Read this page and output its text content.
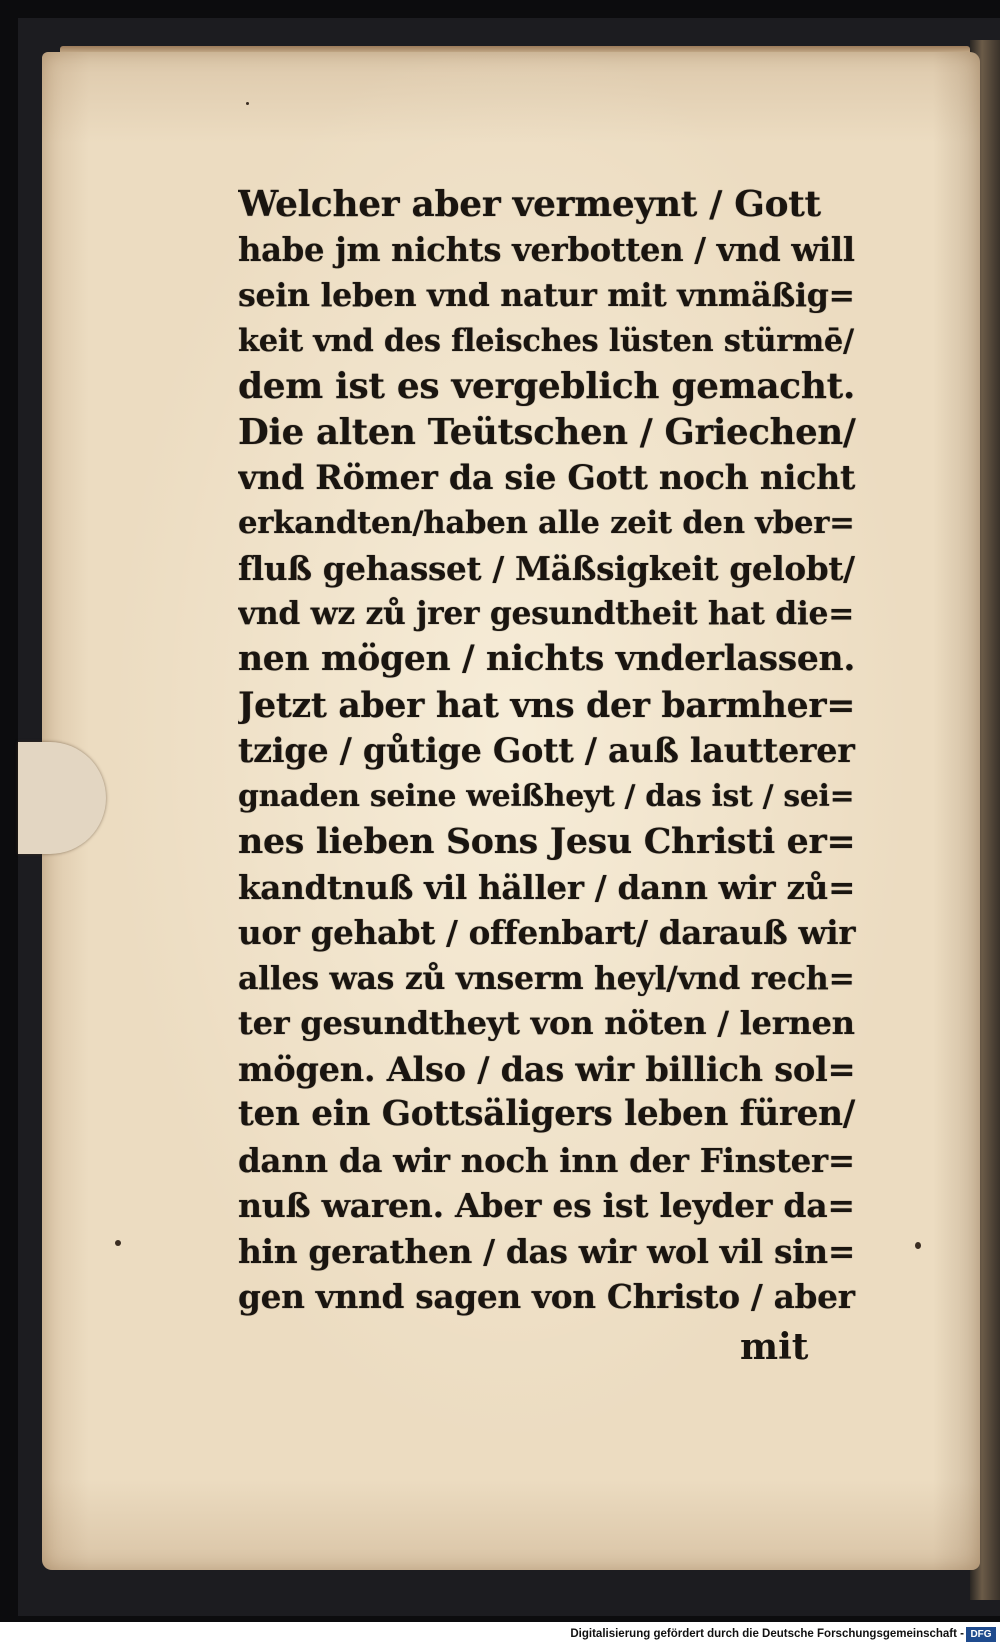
Welcher aber vermeynt / Gott
habe jm nichts verbotten / vnd will
sein leben vnd natur mit vnmäßig=
keit vnd des fleisches lüsten stürmē/
dem ist es vergeblich gemacht.
Die alten Teütschen / Griechen/
vnd Römer da sie Gott noch nicht
erkandten/haben alle zeit den vber=
fluß gehasset / Mäßsigkeit gelobt/
vnd wz zů jrer gesundtheit hat die=
nen mögen / nichts vnderlassen.
Jetzt aber hat vns der barmher=
tzige / gůtige Gott / auß lautterer
gnaden seine weißheyt / das ist / sei=
nes lieben Sons Jesu Christi er=
kandtnuß vil häller / dann wir zů=
uor gehabt / offenbart/ darauß wir
alles was zů vnserm heyl/vnd rech=
ter gesundtheyt von nöten / lernen
mögen. Also / das wir billich sol=
ten ein Gottsäligers leben füren/
dann da wir noch inn der Finster=
nuß waren. Aber es ist leyder da=
hin gerathen / das wir wol vil sin=
gen vnnd sagen von Christo / aber
mit
Digitalisierung gefördert durch die Deutsche Forschungsgemeinschaft - DFG
